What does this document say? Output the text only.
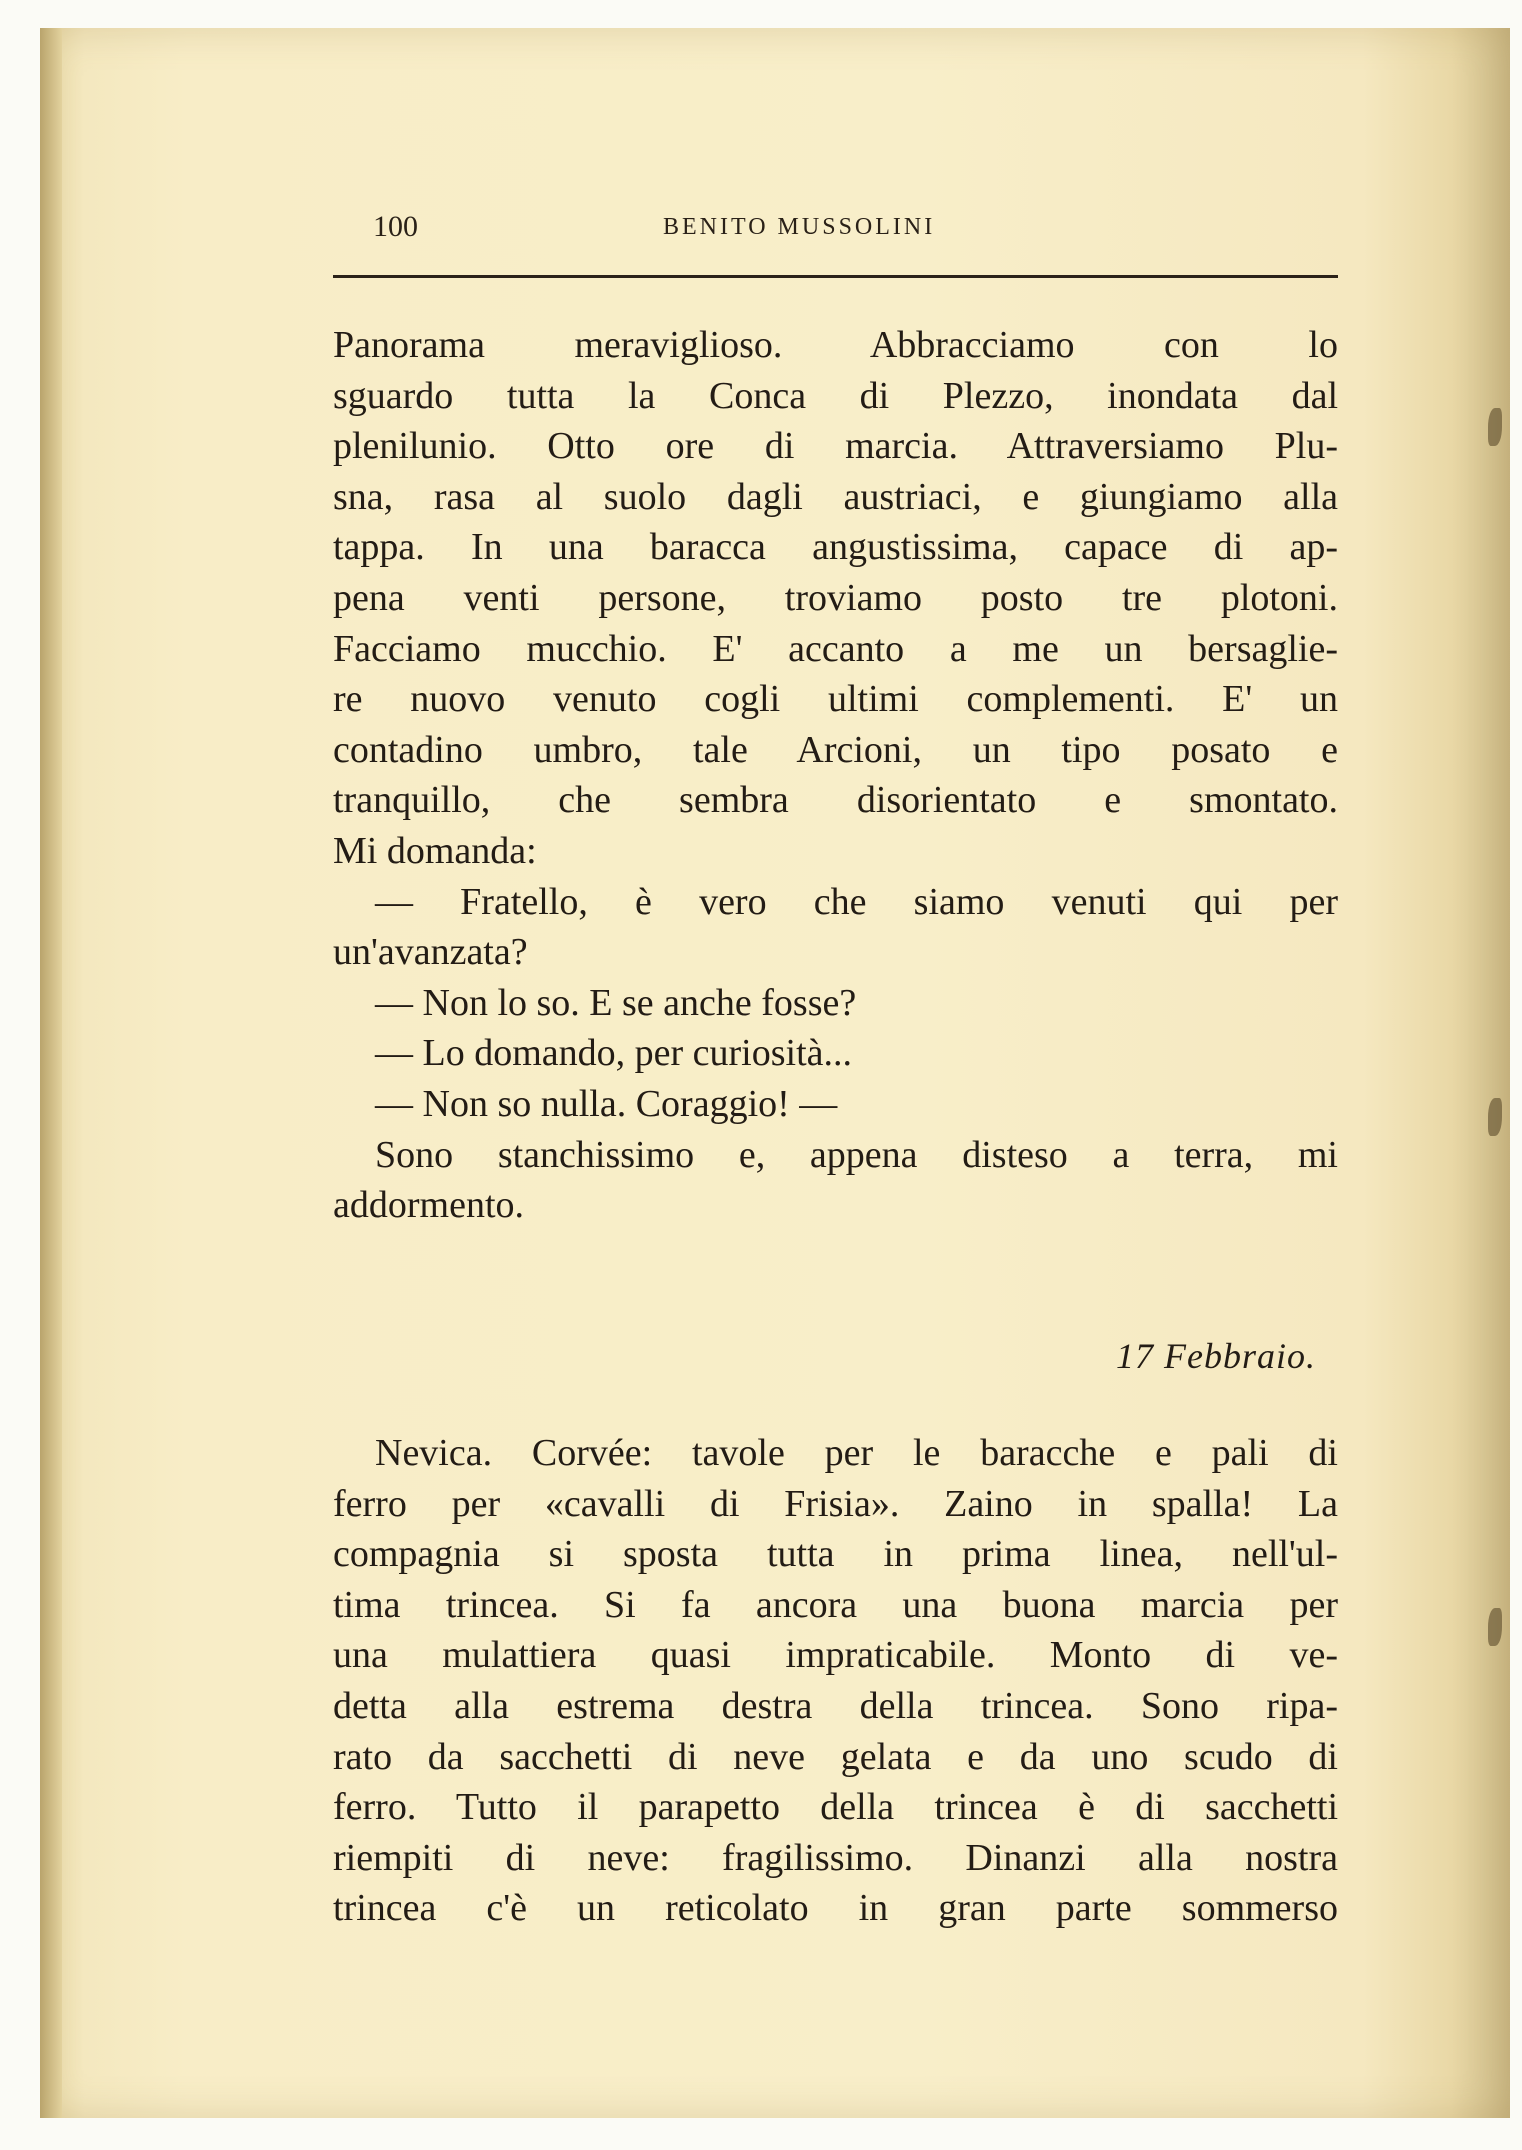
100	BENITO MUSSOLINI
Panorama meraviglioso. Abbracciamo con lo
sguardo tutta la Conca di Plezzo, inondata dal
plenilunio. Otto ore di marcia. Attraversiamo Plu-
sna, rasa al suolo dagli austriaci, e giungiamo alla
tappa. In una baracca angustissima, capace di ap-
pena venti persone, troviamo posto tre plotoni.
Facciamo mucchio. E' accanto a me un bersaglie-
re nuovo venuto cogli ultimi complementi. E' un
contadino umbro, tale Arcioni, un tipo posato e
tranquillo, che sembra disorientato e smontato.
Mi domanda:
— Fratello, è vero che siamo venuti qui per
un'avanzata?
— Non lo so. E se anche fosse?
— Lo domando, per curiosità...
— Non so nulla. Coraggio! —
Sono stanchissimo e, appena disteso a terra, mi
addormento.
17 Febbraio.
Nevica. Corvée: tavole per le baracche e pali di
ferro per «cavalli di Frisia». Zaino in spalla! La
compagnia si sposta tutta in prima linea, nell'ul-
tima trincea. Si fa ancora una buona marcia per
una mulattiera quasi impraticabile. Monto di ve-
detta alla estrema destra della trincea. Sono ripa-
rato da sacchetti di neve gelata e da uno scudo di
ferro. Tutto il parapetto della trincea è di sacchetti
riempiti di neve: fragilissimo. Dinanzi alla nostra
trincea c'è un reticolato in gran parte sommerso
